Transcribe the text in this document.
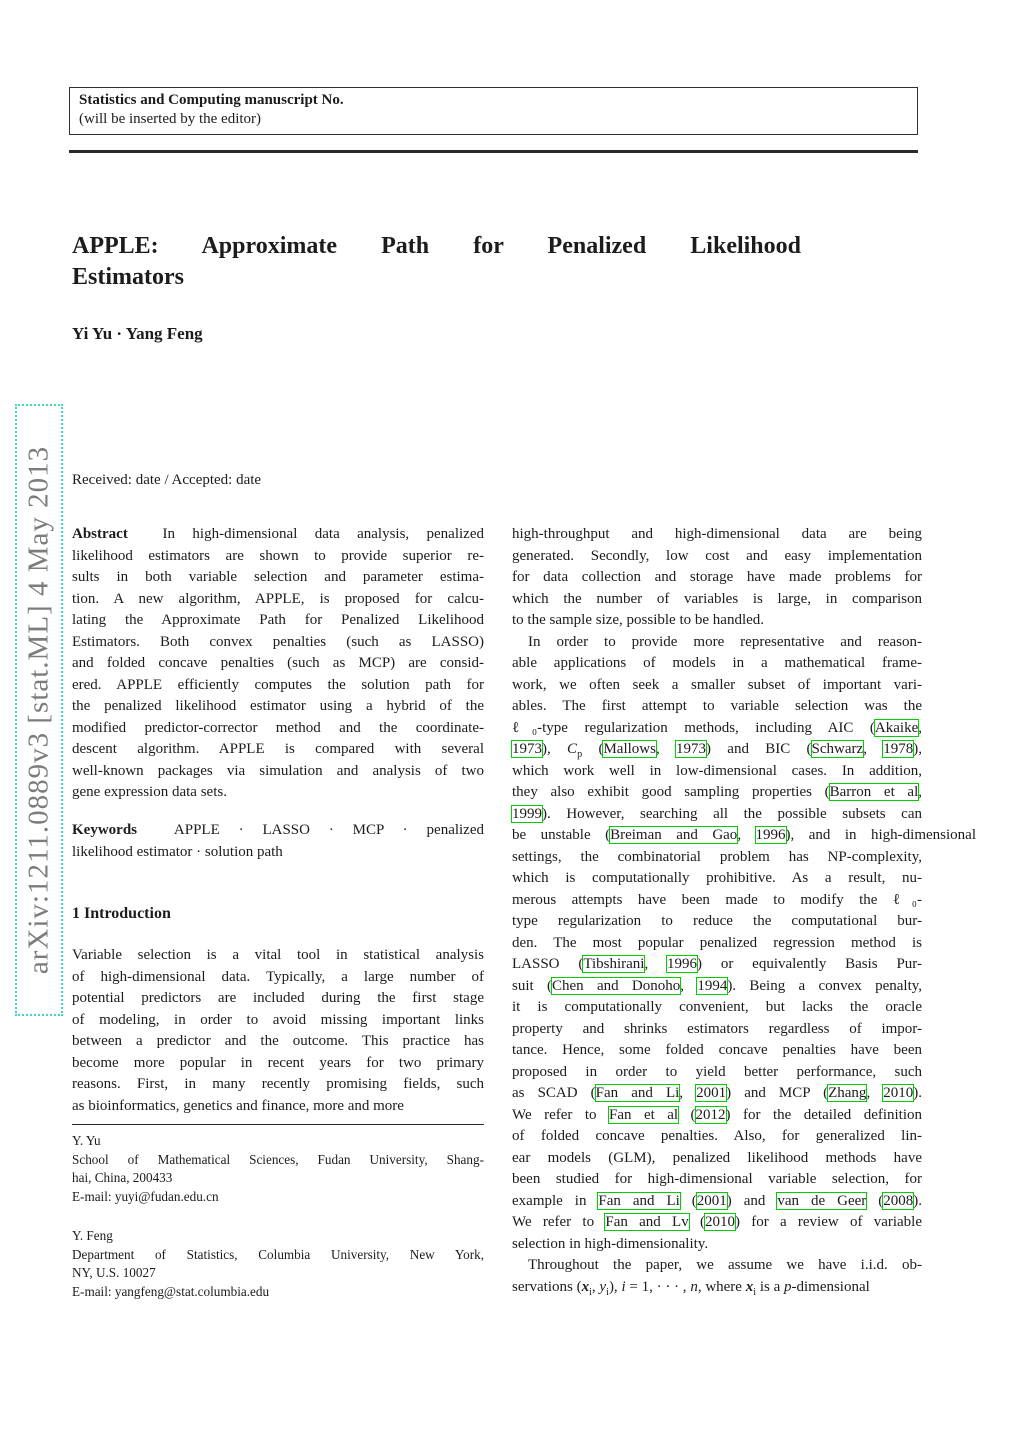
Statistics and Computing manuscript No.
(will be inserted by the editor)
arXiv:1211.0889v3 [stat.ML] 4 May 2013
APPLE: Approximate Path for Penalized Likelihood
Estimators
Yi Yu · Yang Feng
Received: date / Accepted: date
Abstract  In high-dimensional data analysis, penalized
likelihood estimators are shown to provide superior re-
sults in both variable selection and parameter estima-
tion. A new algorithm, APPLE, is proposed for calcu-
lating the Approximate Path for Penalized Likelihood
Estimators. Both convex penalties (such as LASSO)
and folded concave penalties (such as MCP) are consid-
ered. APPLE efficiently computes the solution path for
the penalized likelihood estimator using a hybrid of the
modified predictor-corrector method and the coordinate-
descent algorithm. APPLE is compared with several
well-known packages via simulation and analysis of two
gene expression data sets.
Keywords  APPLE · LASSO · MCP · penalized
likelihood estimator · solution path
1 Introduction
Variable selection is a vital tool in statistical analysis
of high-dimensional data. Typically, a large number of
potential predictors are included during the first stage
of modeling, in order to avoid missing important links
between a predictor and the outcome. This practice has
become more popular in recent years for two primary
reasons. First, in many recently promising fields, such
as bioinformatics, genetics and finance, more and more
Y. Yu
School of Mathematical Sciences, Fudan University, Shang-
hai, China, 200433
E-mail: yuyi@fudan.edu.cn
Y. Feng
Department of Statistics, Columbia University, New York,
NY, U.S. 10027
E-mail: yangfeng@stat.columbia.edu
high-throughput and high-dimensional data are being
generated. Secondly, low cost and easy implementation
for data collection and storage have made problems for
which the number of variables is large, in comparison
to the sample size, possible to be handled.
In order to provide more representative and reason-
able applications of models in a mathematical frame-
work, we often seek a smaller subset of important vari-
ables. The first attempt to variable selection was the
ℓ₀-type regularization methods, including AIC (Akaike,
1973), $C_p$ (Mallows, 1973) and BIC (Schwarz, 1978),
which work well in low-dimensional cases. In addition,
they also exhibit good sampling properties (Barron et al,
1999). However, searching all the possible subsets can
be unstable (Breiman and Gao, 1996), and in high-dimensional
settings, the combinatorial problem has NP-complexity,
which is computationally prohibitive. As a result, nu-
merous attempts have been made to modify the ℓ₀-
type regularization to reduce the computational bur-
den. The most popular penalized regression method is
LASSO (Tibshirani, 1996) or equivalently Basis Pur-
suit (Chen and Donoho, 1994). Being a convex penalty,
it is computationally convenient, but lacks the oracle
property and shrinks estimators regardless of impor-
tance. Hence, some folded concave penalties have been
proposed in order to yield better performance, such
as SCAD (Fan and Li, 2001) and MCP (Zhang, 2010).
We refer to Fan et al (2012) for the detailed definition
of folded concave penalties. Also, for generalized lin-
ear models (GLM), penalized likelihood methods have
been studied for high-dimensional variable selection, for
example in Fan and Li (2001) and van de Geer (2008).
We refer to Fan and Lv (2010) for a review of variable
selection in high-dimensionality.
Throughout the paper, we assume we have i.i.d. ob-
servations ($x_i$, $y_i$), i = 1, · · · , n, where $x_i$ is a p-dimensional
